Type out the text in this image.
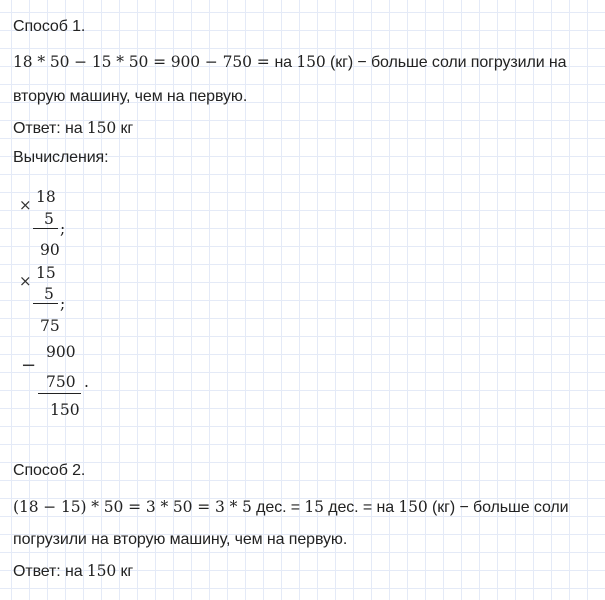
Способ 1.
18 * 50 − 15 * 50 = 900 − 750 = на 150 (кг) − больше соли погрузили на
вторую машину, чем на первую.
Ответ: на 150 кг
Вычисления:
× 18
5
;
90
× 15
5
;
75
−
900
750 .
150
Способ 2.
(18 − 15) * 50 = 3 * 50 = 3 * 5 дес. = 15 дес. = на 150 (кг) − больше соли
погрузили на вторую машину, чем на первую.
Ответ: на 150 кг
